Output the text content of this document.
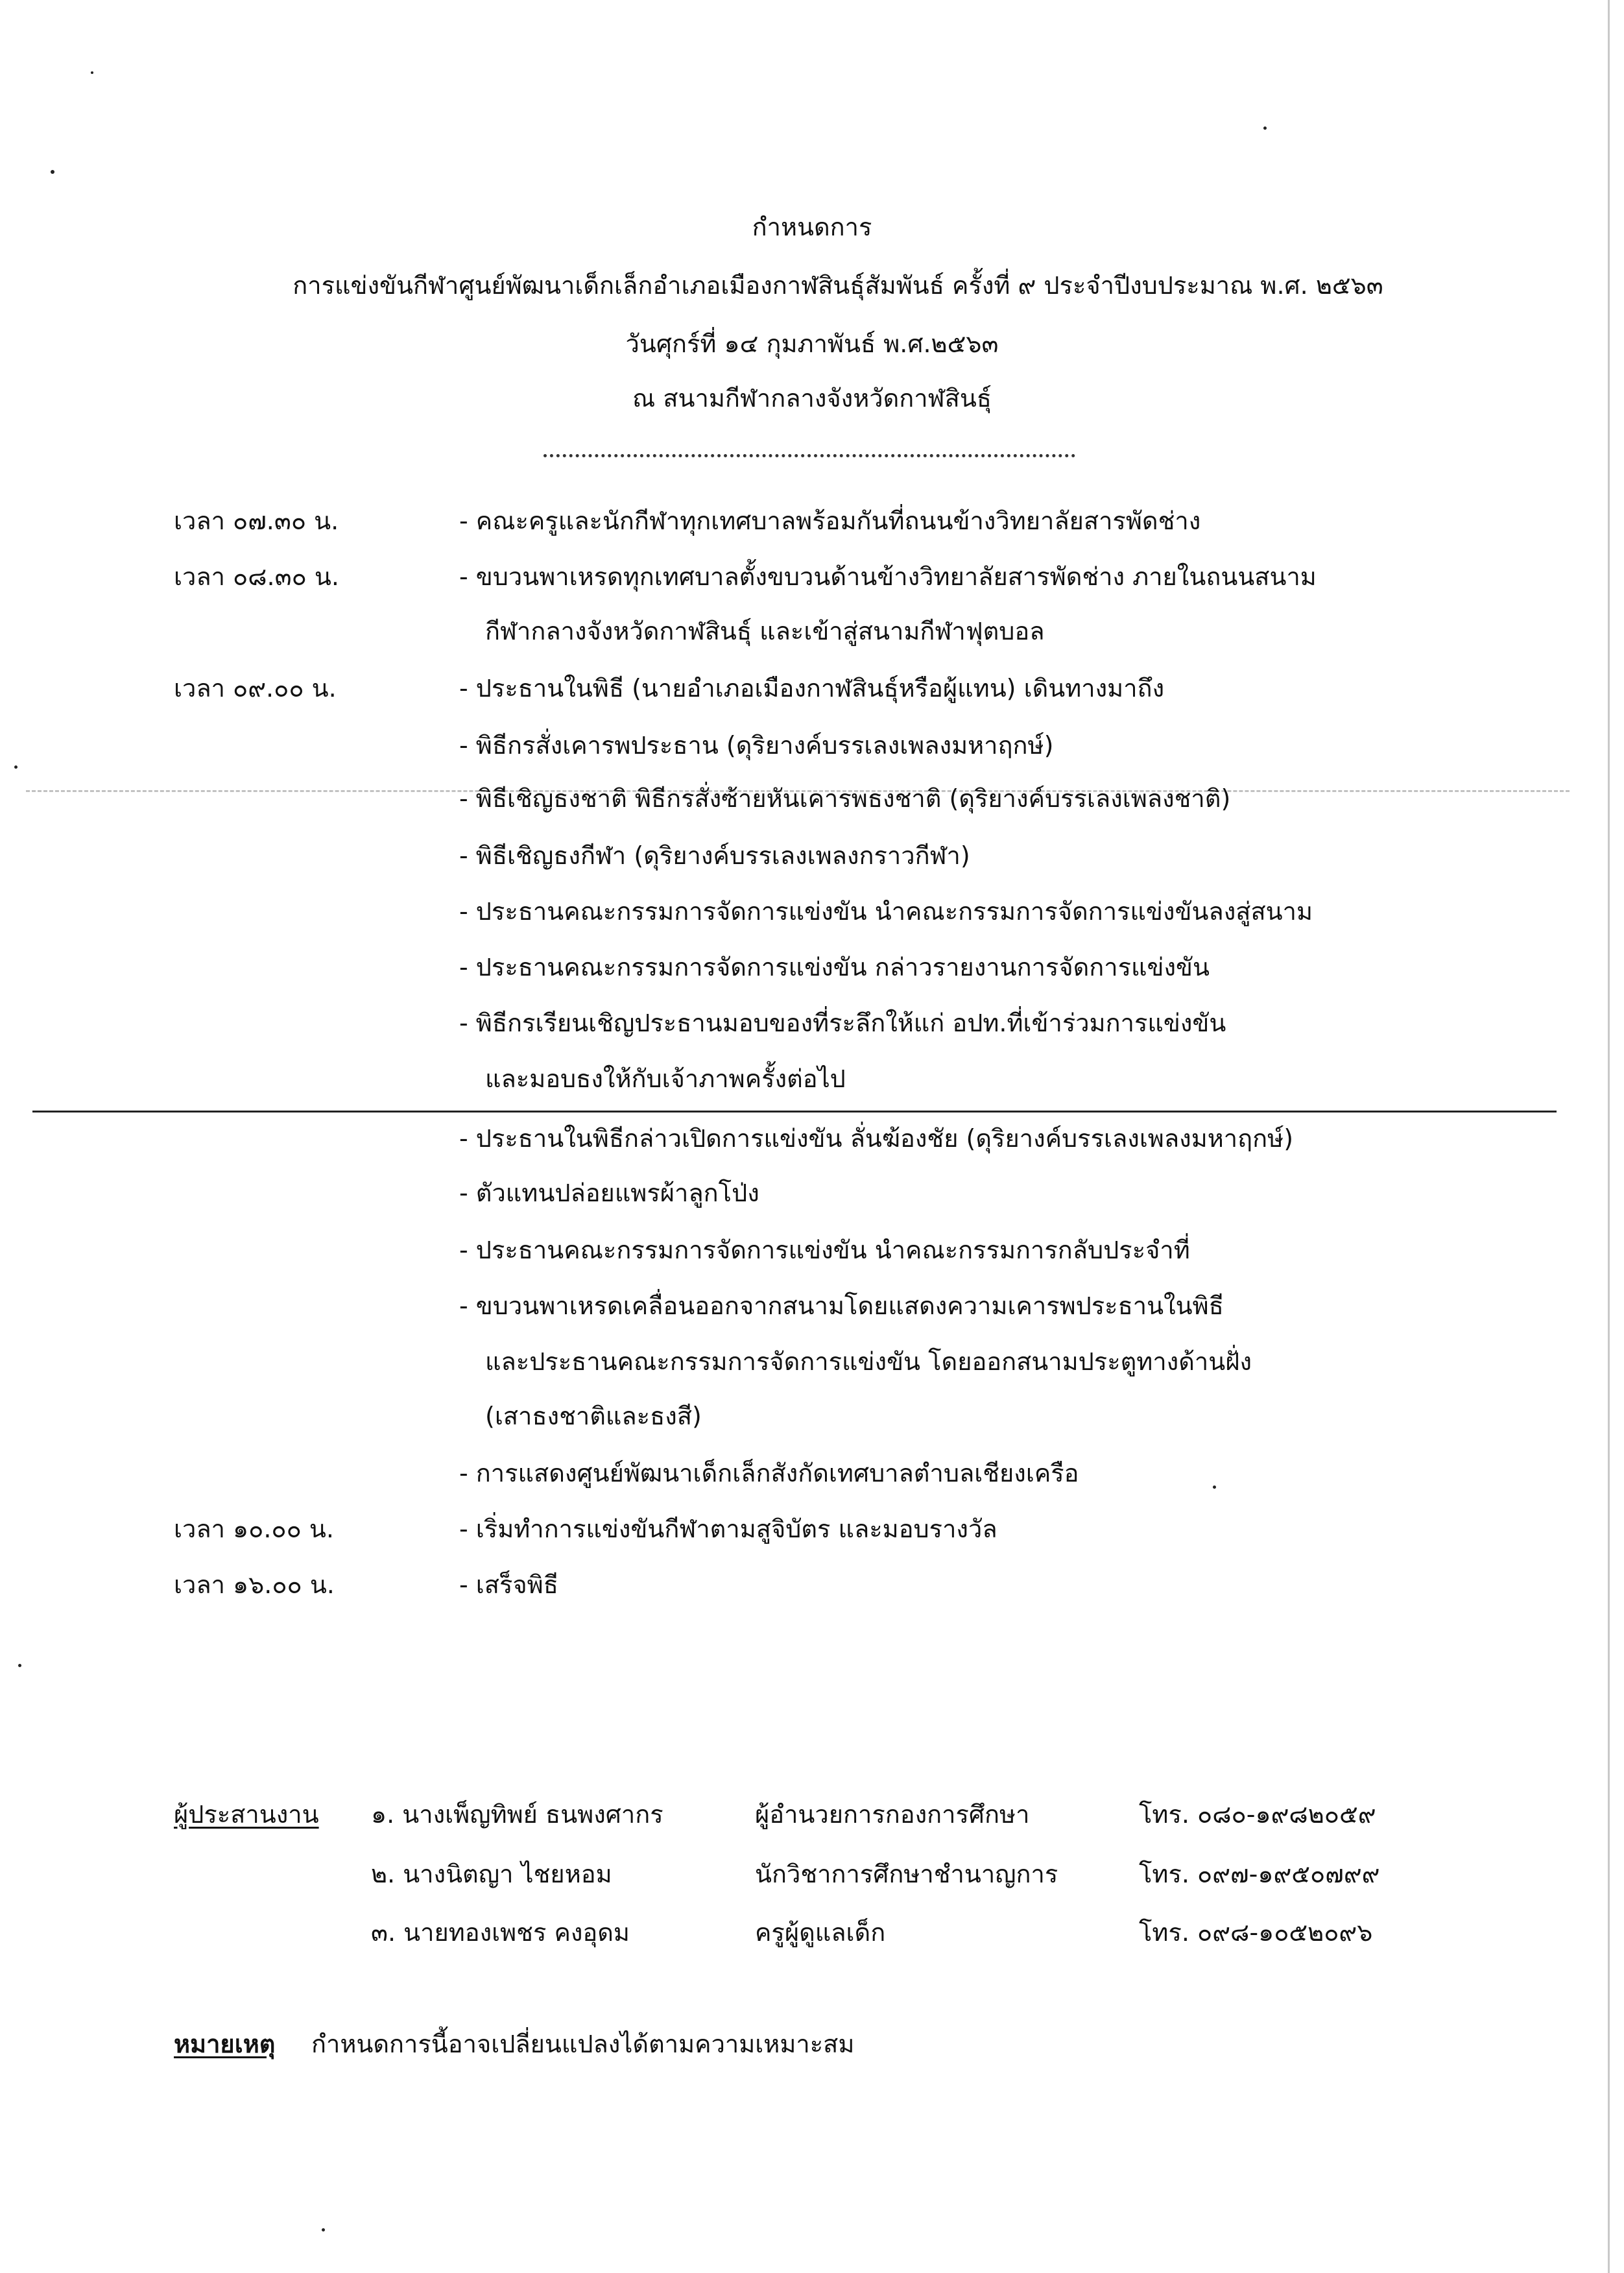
กำหนดการ
การแข่งขันกีฬาศูนย์พัฒนาเด็กเล็กอำเภอเมืองกาฬสินธุ์สัมพันธ์ ครั้งที่ ๙ ประจำปีงบประมาณ พ.ศ. ๒๕๖๓
วันศุกร์ที่ ๑๔ กุมภาพันธ์ พ.ศ.๒๕๖๓
ณ สนามกีฬากลางจังหวัดกาฬสินธุ์
เวลา ๐๗.๓๐ น.	- คณะครูและนักกีฬาทุกเทศบาลพร้อมกันที่ถนนข้างวิทยาลัยสารพัดช่าง
เวลา ๐๘.๓๐ น.	- ขบวนพาเหรดทุกเทศบาลตั้งขบวนด้านข้างวิทยาลัยสารพัดช่าง ภายในถนนสนาม
กีฬากลางจังหวัดกาฬสินธุ์ และเข้าสู่สนามกีฬาฟุตบอล
เวลา ๐๙.๐๐ น.	- ประธานในพิธี (นายอำเภอเมืองกาฬสินธุ์หรือผู้แทน) เดินทางมาถึง
- พิธีกรสั่งเคารพประธาน (ดุริยางค์บรรเลงเพลงมหาฤกษ์)
- พิธีเชิญธงชาติ พิธีกรสั่งซ้ายหันเคารพธงชาติ (ดุริยางค์บรรเลงเพลงชาติ)
- พิธีเชิญธงกีฬา (ดุริยางค์บรรเลงเพลงกราวกีฬา)
- ประธานคณะกรรมการจัดการแข่งขัน นำคณะกรรมการจัดการแข่งขันลงสู่สนาม
- ประธานคณะกรรมการจัดการแข่งขัน กล่าวรายงานการจัดการแข่งขัน
- พิธีกรเรียนเชิญประธานมอบของที่ระลึกให้แก่ อปท.ที่เข้าร่วมการแข่งขัน
และมอบธงให้กับเจ้าภาพครั้งต่อไป
- ประธานในพิธีกล่าวเปิดการแข่งขัน ลั่นฆ้องชัย (ดุริยางค์บรรเลงเพลงมหาฤกษ์)
- ตัวแทนปล่อยแพรผ้าลูกโป่ง
- ประธานคณะกรรมการจัดการแข่งขัน นำคณะกรรมการกลับประจำที่
- ขบวนพาเหรดเคลื่อนออกจากสนามโดยแสดงความเคารพประธานในพิธี
และประธานคณะกรรมการจัดการแข่งขัน โดยออกสนามประตูทางด้านฝั่ง
(เสาธงชาติและธงสี)
- การแสดงศูนย์พัฒนาเด็กเล็กสังกัดเทศบาลตำบลเชียงเครือ
เวลา ๑๐.๐๐ น.	- เริ่มทำการแข่งขันกีฬาตามสูจิบัตร และมอบรางวัล
เวลา ๑๖.๐๐ น.	- เสร็จพิธี
ผู้ประสานงาน ๑. นางเพ็ญทิพย์ ธนพงศากร	ผู้อำนวยการกองการศึกษา	โทร. ๐๘๐-๑๙๘๒๐๕๙
๒. นางนิตญา ไชยหอม	นักวิชาการศึกษาชำนาญการ	โทร. ๐๙๗-๑๙๕๐๗๙๙
๓. นายทองเพชร คงอุดม	ครูผู้ดูแลเด็ก	โทร. ๐๙๘-๑๐๕๒๐๙๖
หมายเหตุ กำหนดการนี้อาจเปลี่ยนแปลงได้ตามความเหมาะสม
